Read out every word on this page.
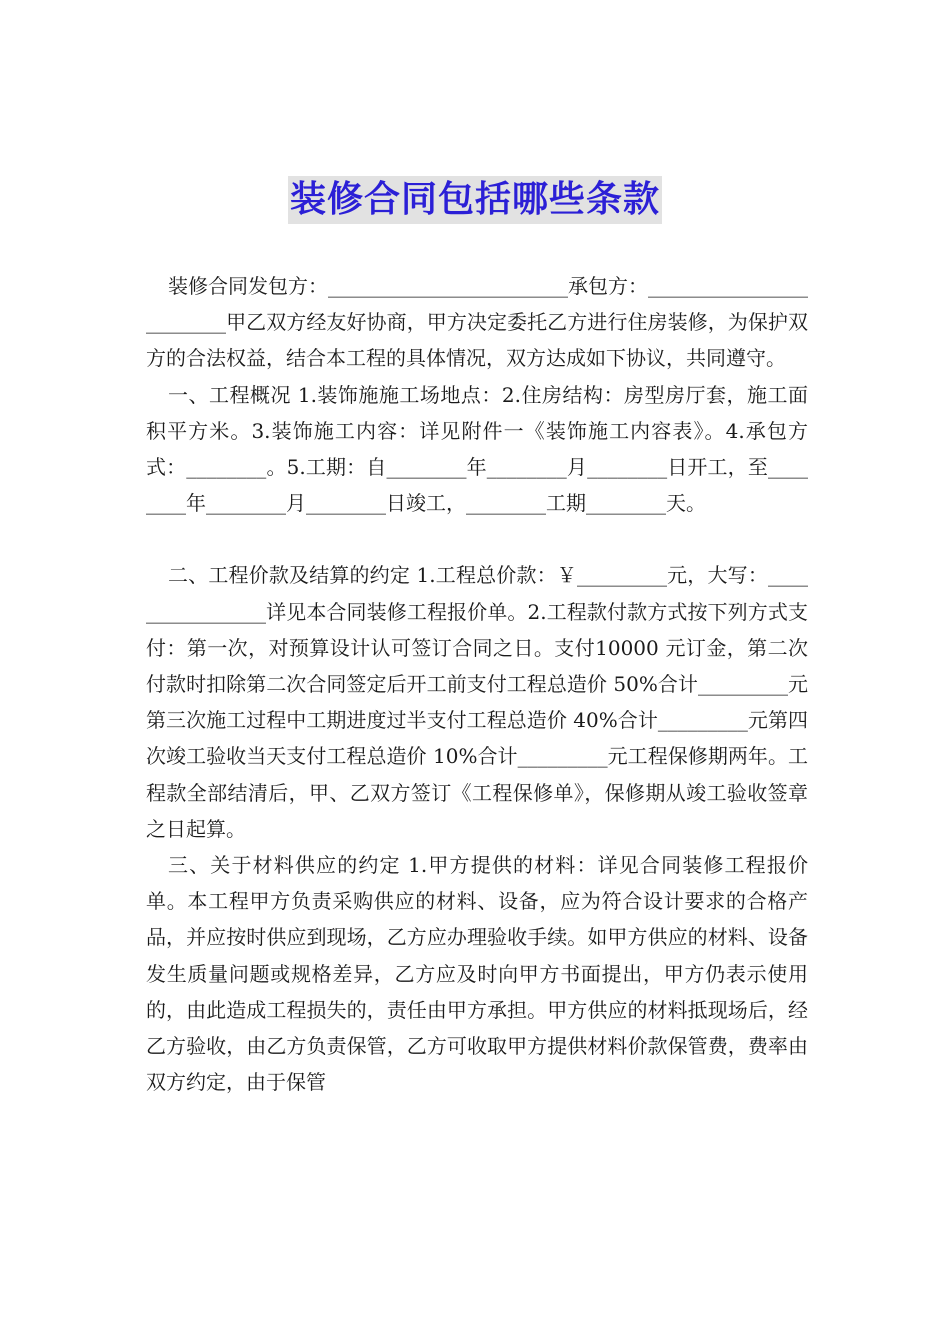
装修合同包括哪些条款

装修合同发包方：________________________承包方：________________________甲乙双方经友好协商，甲方决定委托乙方进行住房装修，为保护双方的合法权益，结合本工程的具体情况，双方达成如下协议，共同遵守。

一、工程概况 1.装饰施施工场地点：2.住房结构：房型房厅套，施工面积平方米。3.装饰施工内容：详见附件一《装饰施工内容表》。4.承包方式：________。5.工期：自________年________月________日开工，至________年________月________日竣工，________工期________天。

二、工程价款及结算的约定 1.工程总价款：￥_________元，大写：________________详见本合同装修工程报价单。2.工程款付款方式按下列方式支付：第一次，对预算设计认可签订合同之日。支付10000 元订金，第二次付款时扣除第二次合同签定后开工前支付工程总造价 50%合计_________元第三次施工过程中工期进度过半支付工程总造价 40%合计_________元第四次竣工验收当天支付工程总造价 10%合计_________元工程保修期两年。工程款全部结清后，甲、乙双方签订《工程保修单》，保修期从竣工验收签章之日起算。

三、关于材料供应的约定 1.甲方提供的材料：详见合同装修工程报价单。本工程甲方负责采购供应的材料、设备，应为符合设计要求的合格产品，并应按时供应到现场，乙方应办理验收手续。如甲方供应的材料、设备发生质量问题或规格差异，乙方应及时向甲方书面提出，甲方仍表示使用的，由此造成工程损失的，责任由甲方承担。甲方供应的材料抵现场后，经乙方验收，由乙方负责保管，乙方可收取甲方提供材料价款保管费，费率由双方约定，由于保管
